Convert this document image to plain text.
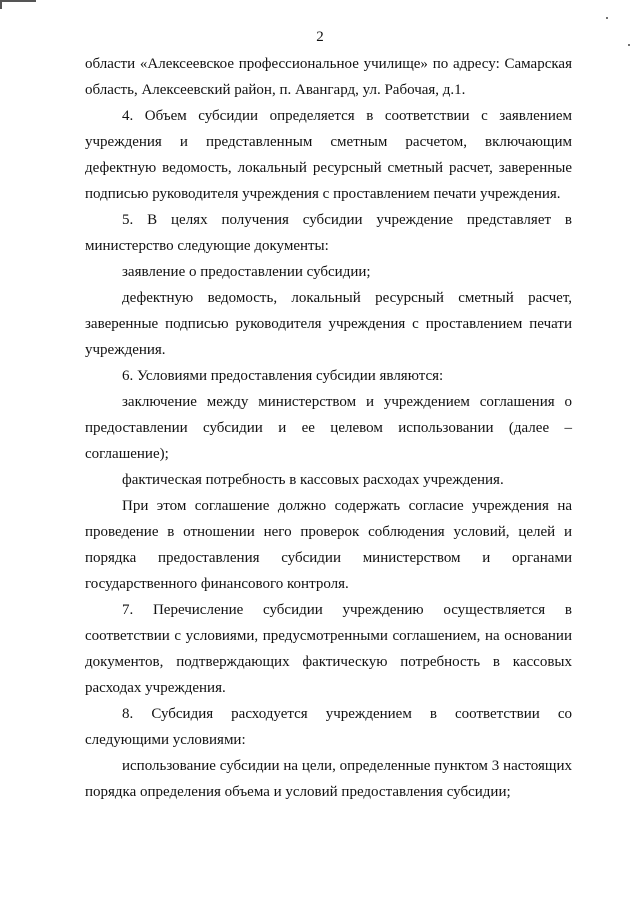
2

области «Алексеевское профессиональное училище» по адресу: Самарская область, Алексеевский район, п. Авангард, ул. Рабочая, д.1.

4. Объем субсидии определяется в соответствии с заявлением учреждения и представленным сметным расчетом, включающим дефектную ведомость, локальный ресурсный сметный расчет, заверенные подписью руководителя учреждения с проставлением печати учреждения.

5. В целях получения субсидии учреждение представляет в министерство следующие документы:

заявление о предоставлении субсидии;

дефектную ведомость, локальный ресурсный сметный расчет, заверенные подписью руководителя учреждения с проставлением печати учреждения.

6. Условиями предоставления субсидии являются:

заключение между министерством и учреждением соглашения о предоставлении субсидии и ее целевом использовании (далее – соглашение);

фактическая потребность в кассовых расходах учреждения.

При этом соглашение должно содержать согласие учреждения на проведение в отношении него проверок соблюдения условий, целей и порядка предоставления субсидии министерством и органами государственного финансового контроля.

7. Перечисление субсидии учреждению осуществляется в соответствии с условиями, предусмотренными соглашением, на основании документов, подтверждающих фактическую потребность в кассовых расходах учреждения.

8. Субсидия расходуется учреждением в соответствии со следующими условиями:

использование субсидии на цели, определенные пунктом 3 настоящих порядка определения объема и условий предоставления субсидии;
